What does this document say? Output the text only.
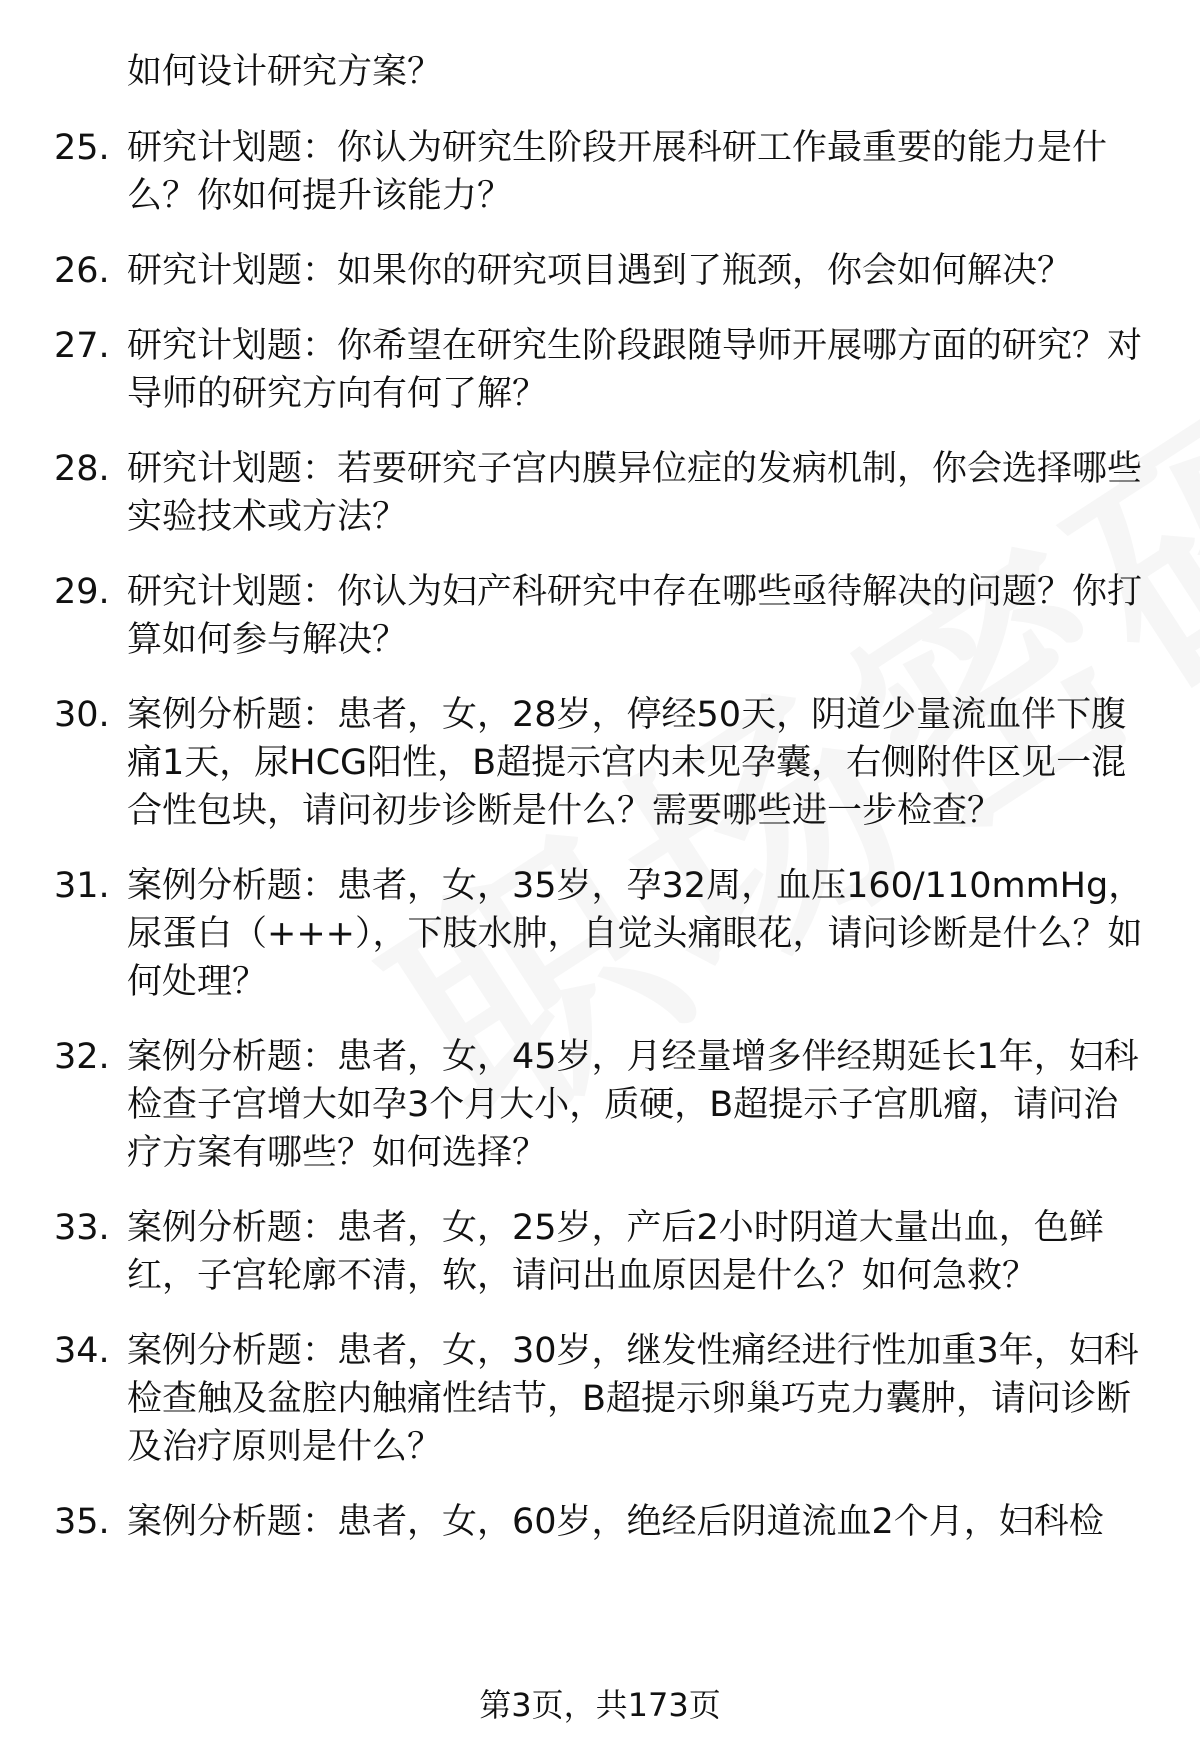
如何设计研究方案？
25. 研究计划题：你认为研究生阶段开展科研工作最重要的能力是什么？你如何提升该能力？
26. 研究计划题：如果你的研究项目遇到了瓶颈，你会如何解决？
27. 研究计划题：你希望在研究生阶段跟随导师开展哪方面的研究？对导师的研究方向有何了解？
28. 研究计划题：若要研究子宫内膜异位症的发病机制，你会选择哪些实验技术或方法？
29. 研究计划题：你认为妇产科研究中存在哪些亟待解决的问题？你打算如何参与解决？
30. 案例分析题：患者，女，28岁，停经50天，阴道少量流血伴下腹痛1天，尿HCG阳性，B超提示宫内未见孕囊，右侧附件区见一混合性包块，请问初步诊断是什么？需要哪些进一步检查？
31. 案例分析题：患者，女，35岁，孕32周，血压160/110mmHg，尿蛋白（+++），下肢水肿，自觉头痛眼花，请问诊断是什么？如何处理？
32. 案例分析题：患者，女，45岁，月经量增多伴经期延长1年，妇科检查子宫增大如孕3个月大小，质硬，B超提示子宫肌瘤，请问治疗方案有哪些？如何选择？
33. 案例分析题：患者，女，25岁，产后2小时阴道大量出血，色鲜红，子宫轮廓不清，软，请问出血原因是什么？如何急救？
34. 案例分析题：患者，女，30岁，继发性痛经进行性加重3年，妇科检查触及盆腔内触痛性结节，B超提示卵巢巧克力囊肿，请问诊断及治疗原则是什么？
35. 案例分析题：患者，女，60岁，绝经后阴道流血2个月，妇科检
第3页，共173页
